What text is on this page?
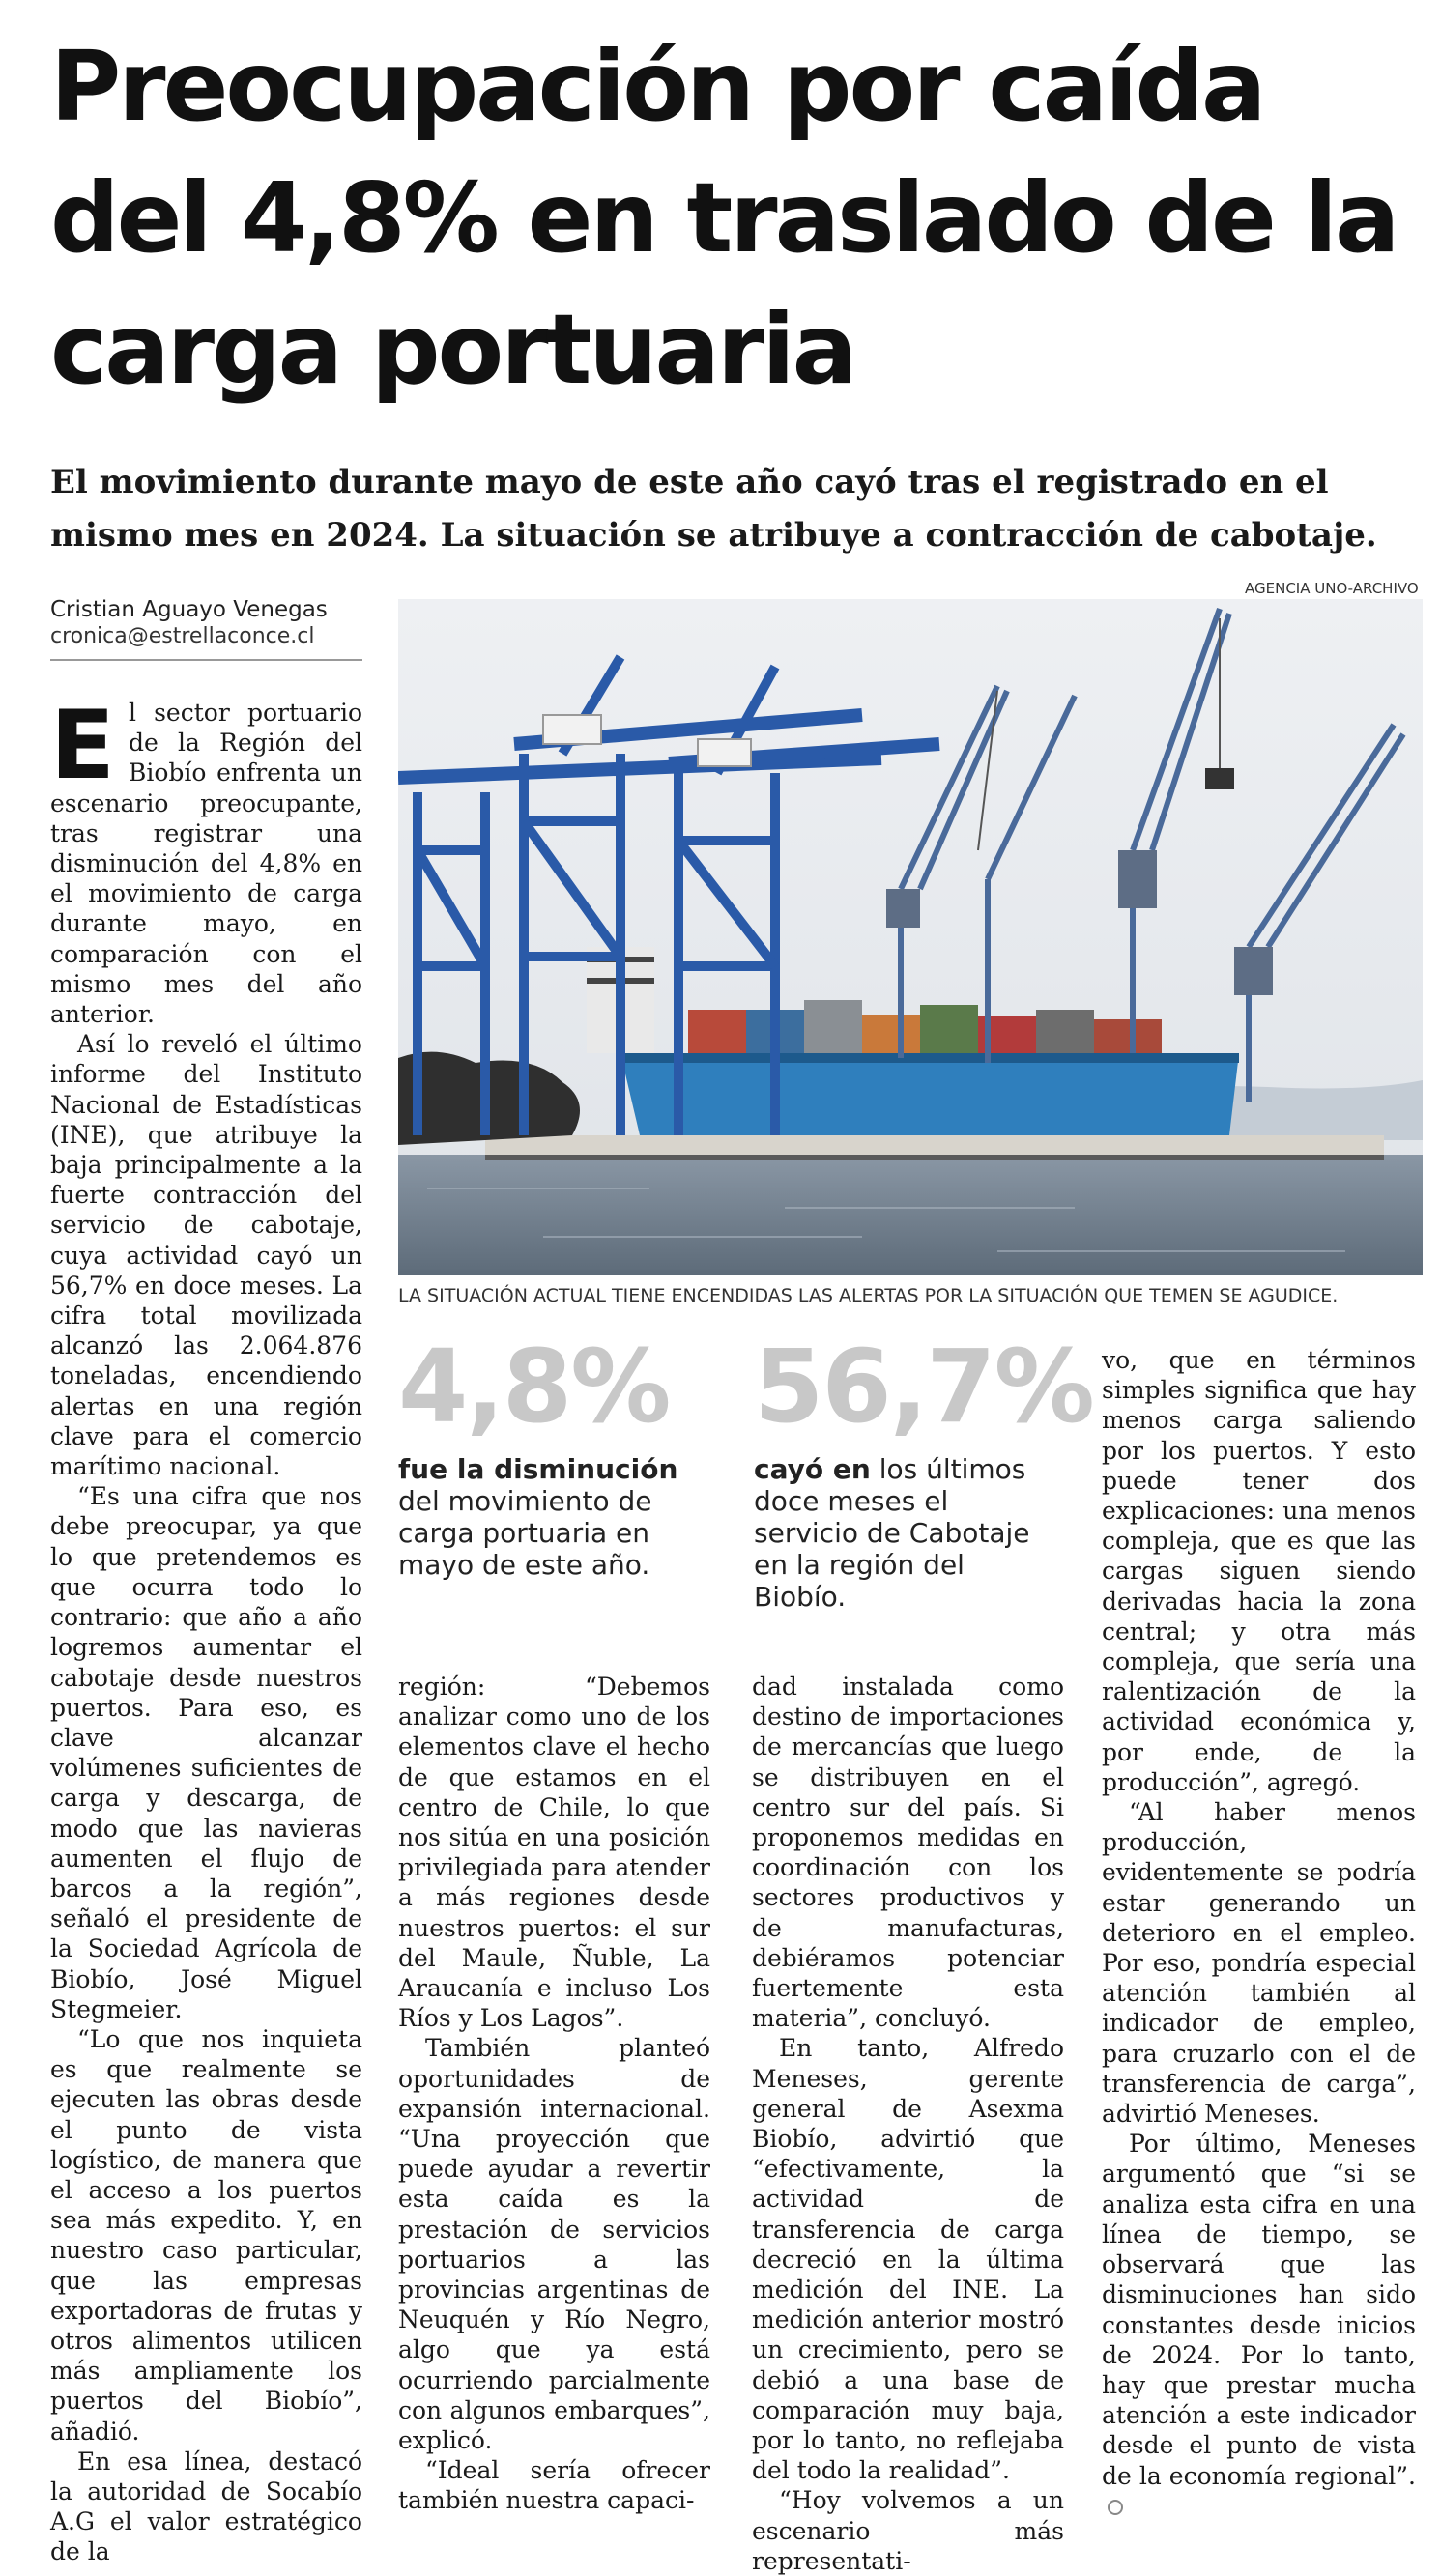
Preocupación por caída del 4,8% en traslado de la carga portuaria
El movimiento durante mayo de este año cayó tras el registrado en el mismo mes en 2024. La situación se atribuye a contracción de cabotaje.
Cristian Aguayo Venegas
cronica@estrellaconce.cl
AGENCIA UNO-ARCHIVO
LA SITUACIÓN ACTUAL TIENE ENCENDIDAS LAS ALERTAS POR LA SITUACIÓN QUE TEMEN SE AGUDICE.

El sector portuario de la Región del Biobío enfrenta un escenario preocupante, tras registrar una disminución del 4,8% en el movimiento de carga durante mayo, en comparación con el mismo mes del año anterior.

Así lo reveló el último informe del Instituto Nacional de Estadísticas (INE), que atribuye la baja principalmente a la fuerte contracción del servicio de cabotaje, cuya actividad cayó un 56,7% en doce meses. La cifra total movilizada alcanzó las 2.064.876 toneladas, encendiendo alertas en una región clave para el comercio marítimo nacional.

“Es una cifra que nos debe preocupar, ya que lo que pretendemos es que ocurra todo lo contrario: que año a año logremos aumentar el cabotaje desde nuestros puertos. Para eso, es clave alcanzar volúmenes suficientes de carga y descarga, de modo que las navieras aumenten el flujo de barcos a la región”, señaló el presidente de la Sociedad Agrícola de Biobío, José Miguel Stegmeier.

“Lo que nos inquieta es que realmente se ejecuten las obras desde el punto de vista logístico, de manera que el acceso a los puertos sea más expedito. Y, en nuestro caso particular, que las empresas exportadoras de frutas y otros alimentos utilicen más ampliamente los puertos del Biobío”, añadió.

En esa línea, destacó la autoridad de Socabío A.G el valor estratégico de la

4,8%
fue la disminución del movimiento de carga portuaria en mayo de este año.
56,7%
cayó en los últimos doce meses el servicio de Cabotaje en la región del Biobío.

región: “Debemos analizar como uno de los elementos clave el hecho de que estamos en el centro de Chile, lo que nos sitúa en una posición privilegiada para atender a más regiones desde nuestros puertos: el sur del Maule, Ñuble, La Araucanía e incluso Los Ríos y Los Lagos”.

También planteó oportunidades de expansión internacional. “Una proyección que puede ayudar a revertir esta caída es la prestación de servicios portuarios a las provincias argentinas de Neuquén y Río Negro, algo que ya está ocurriendo parcialmente con algunos embarques”, explicó.

“Ideal sería ofrecer también nuestra capaci-

dad instalada como destino de importaciones de mercancías que luego se distribuyen en el centro sur del país. Si proponemos medidas en coordinación con los sectores productivos y de manufacturas, debiéramos potenciar fuertemente esta materia”, concluyó.

En tanto, Alfredo Meneses, gerente general de Asexma Biobío, advirtió que “efectivamente, la actividad de transferencia de carga decreció en la última medición del INE. La medición anterior mostró un crecimiento, pero se debió a una base de comparación muy baja, por lo tanto, no reflejaba del todo la realidad”.

“Hoy volvemos a un escenario más representati-

vo, que en términos simples significa que hay menos carga saliendo por los puertos. Y esto puede tener dos explicaciones: una menos compleja, que es que las cargas siguen siendo derivadas hacia la zona central; y otra más compleja, que sería una ralentización de la actividad económica y, por ende, de la producción”, agregó.

“Al haber menos producción, evidentemente se podría estar generando un deterioro en el empleo. Por eso, pondría especial atención también al indicador de empleo, para cruzarlo con el de transferencia de carga”, advirtió Meneses.

Por último, Meneses argumentó que “si se analiza esta cifra en una línea de tiempo, se observará que las disminuciones han sido constantes desde inicios de 2024. Por lo tanto, hay que prestar mucha atención a este indicador desde el punto de vista de la economía regional”.
